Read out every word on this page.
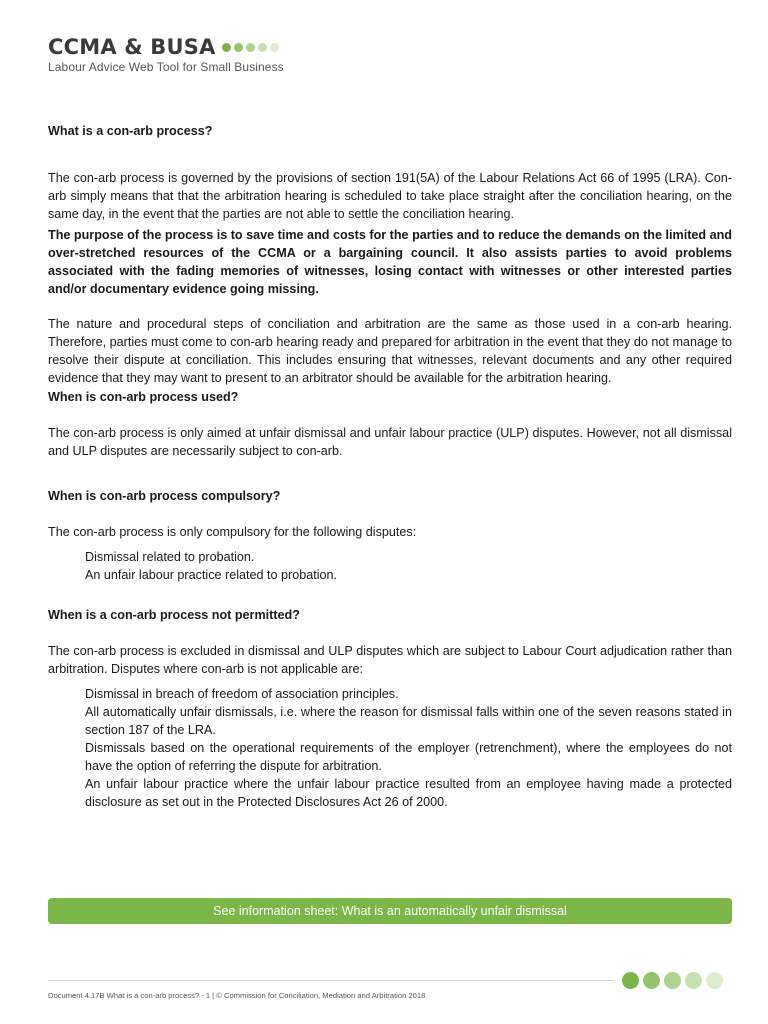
CCMA & BUSA
Labour Advice Web Tool for Small Business

What is a con-arb process?

The con-arb process is governed by the provisions of section 191(5A) of the Labour Relations Act 66 of 1995 (LRA). Con-arb simply means that that the arbitration hearing is scheduled to take place straight after the conciliation hearing, on the same day, in the event that the parties are not able to settle the conciliation hearing.

The purpose of the process is to save time and costs for the parties and to reduce the demands on the limited and over-stretched resources of the CCMA or a bargaining council. It also assists parties to avoid problems associated with the fading memories of witnesses, losing contact with witnesses or other interested parties and/or documentary evidence going missing.

The nature and procedural steps of conciliation and arbitration are the same as those used in a con-arb hearing. Therefore, parties must come to con-arb hearing ready and prepared for arbitration in the event that they do not manage to resolve their dispute at conciliation. This includes ensuring that witnesses, relevant documents and any other required evidence that they may want to present to an arbitrator should be available for the arbitration hearing.

When is con-arb process used?

The con-arb process is only aimed at unfair dismissal and unfair labour practice (ULP) disputes. However, not all dismissal and ULP disputes are necessarily subject to con-arb.

When is con-arb process compulsory?

The con-arb process is only compulsory for the following disputes:

Dismissal related to probation.
An unfair labour practice related to probation.

When is a con-arb process not permitted?

The con-arb process is excluded in dismissal and ULP disputes which are subject to Labour Court adjudication rather than arbitration. Disputes where con-arb is not applicable are:

Dismissal in breach of freedom of association principles.
All automatically unfair dismissals, i.e. where the reason for dismissal falls within one of the seven reasons stated in section 187 of the LRA.
Dismissals based on the operational requirements of the employer (retrenchment), where the employees do not have the option of referring the dispute for arbitration.
An unfair labour practice where the unfair labour practice resulted from an employee having made a protected disclosure as set out in the Protected Disclosures Act 26 of 2000.
See information sheet: What is an automatically unfair dismissal
Document 4.17B What is a con-arb process? - 1 | © Commission for Conciliation, Mediation and Arbitration 2018
